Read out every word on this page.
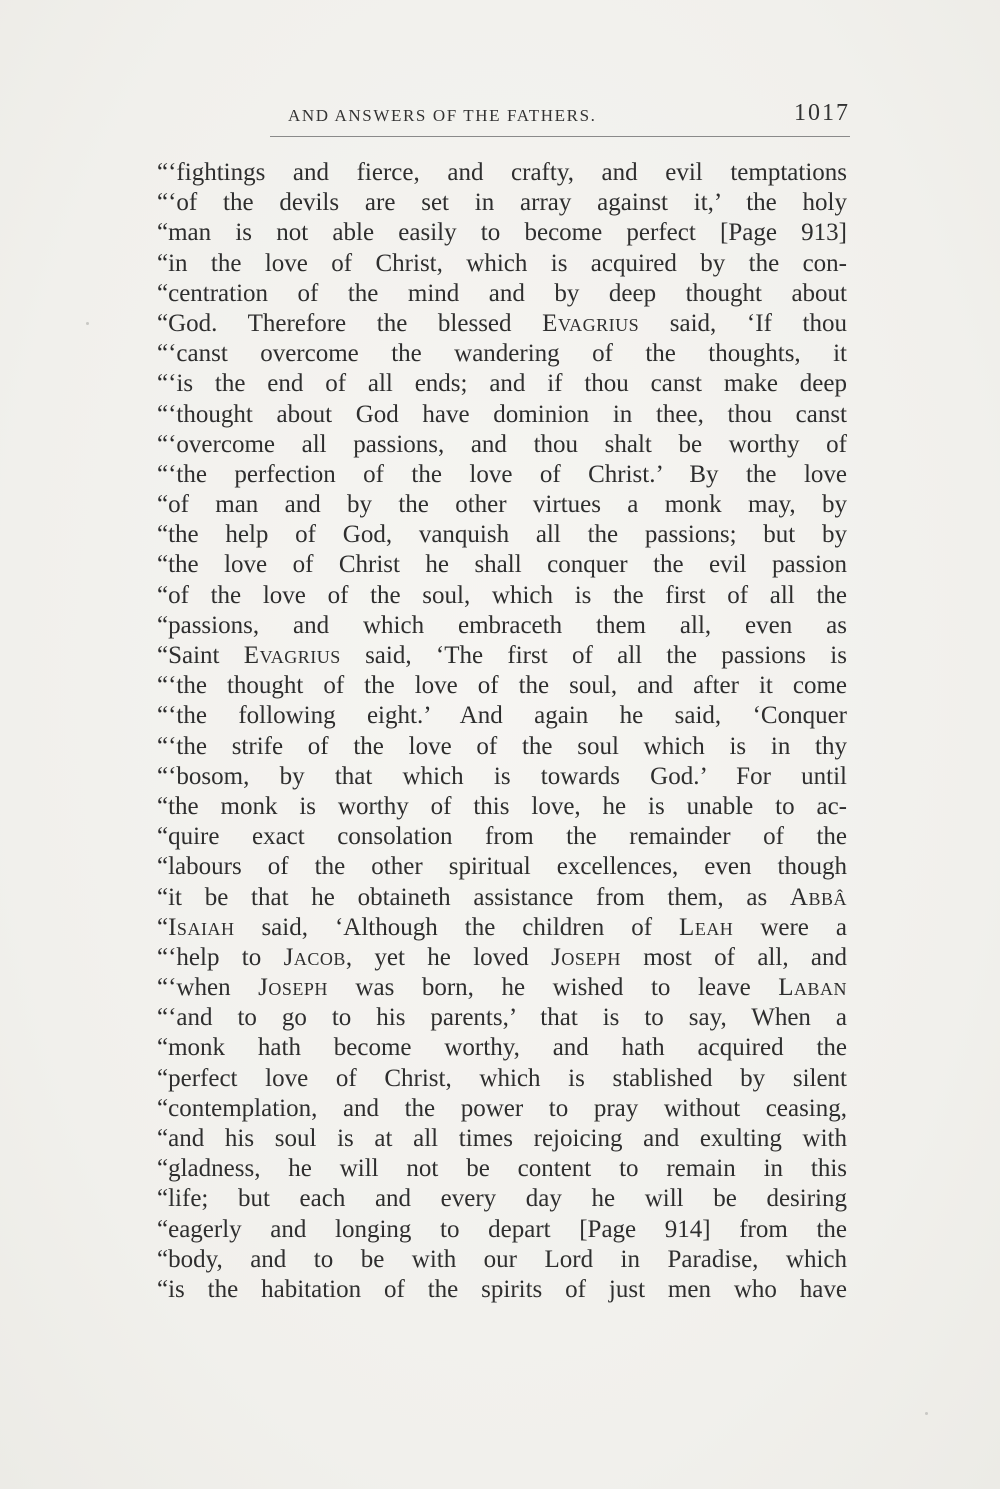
AND ANSWERS OF THE FATHERS.	1017
“‘fightings and fierce, and crafty, and evil temptations
“‘of the devils are set in array against it,’ the holy
“man is not able easily to become perfect [Page 913]
“in the love of Christ, which is acquired by the con-
“centration of the mind and by deep thought about
“God. Therefore the blessed Evagrius said, ‘If thou
“‘canst overcome the wandering of the thoughts, it
“‘is the end of all ends; and if thou canst make deep
“‘thought about God have dominion in thee, thou canst
“‘overcome all passions, and thou shalt be worthy of
“‘the perfection of the love of Christ.’ By the love
“of man and by the other virtues a monk may, by
“the help of God, vanquish all the passions; but by
“the love of Christ he shall conquer the evil passion
“of the love of the soul, which is the first of all the
“passions, and which embraceth them all, even as
“Saint Evagrius said, ‘The first of all the passions is
“‘the thought of the love of the soul, and after it come
“‘the following eight.’ And again he said, ‘Conquer
“‘the strife of the love of the soul which is in thy
“‘bosom, by that which is towards God.’ For until
“the monk is worthy of this love, he is unable to ac-
“quire exact consolation from the remainder of the
“labours of the other spiritual excellences, even though
“it be that he obtaineth assistance from them, as Abbâ
“Isaiah said, ‘Although the children of Leah were a
“‘help to Jacob, yet he loved Joseph most of all, and
“‘when Joseph was born, he wished to leave Laban
“‘and to go to his parents,’ that is to say, When a
“monk hath become worthy, and hath acquired the
“perfect love of Christ, which is stablished by silent
“contemplation, and the power to pray without ceasing,
“and his soul is at all times rejoicing and exulting with
“gladness, he will not be content to remain in this
“life; but each and every day he will be desiring
“eagerly and longing to depart [Page 914] from the
“body, and to be with our Lord in Paradise, which
“is the habitation of the spirits of just men who have
